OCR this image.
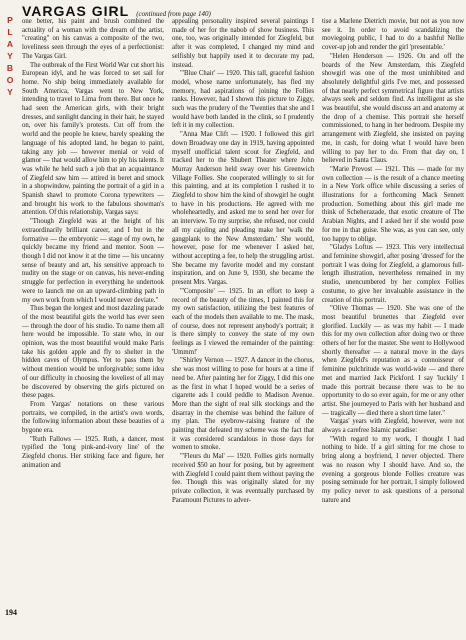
P
L
A
Y
B
O
Y
VARGAS GIRL (continued from page 140)

one better, his paint and brush combined the actuality of a woman with the dream of the artist, "creating" on his canvas a composite of the two, loveliness seen through the eyes of a perfectionist: The Vargas Girl.

The outbreak of the First World War cut short his European idyl, and he was forced to set sail for home. No ship being immediately available for South America, Vargas went to New York, intending to travel to Lima from there. But once he had seen the American girls, with their bright dresses, and sunlight dancing in their hair, he stayed on, over his family's protests. Cut off from the world and the people he knew, barely speaking the language of his adopted land, he began to paint, taking any job — however menial or void of glamor — that would allow him to ply his talents. It was while he held such a job that an acquaintance of Ziegfeld saw him — attired in beret and smock in a shopwindow, painting the portrait of a girl in a Spanish shawl to promote Corona typewriters — and brought his work to the fabulous showman's attention. Of this relationship, Vargas says:

"Though Ziegfeld was at the height of his extraordinarily brilliant career, and I but in the formative — the embryonic — stage of my own, he quickly became my friend and mentor. Soon — though I did not know it at the time — his uncanny sense of beauty and art, his sensitive approach to nudity on the stage or on canvas, his never-ending struggle for perfection in everything he undertook were to launch me on an upward-climbing path in my own work from which I would never deviate."

Thus began the longest and most dazzling parade of the most beautiful girls the world has ever seen — through the door of his studio. To name them all here would be impossible. To state who, in our opinion, was the most beautiful would make Paris take his golden apple and fly to shelter in the hidden caves of Olympus. Yet to pass them by without mention would be unforgivable; some idea of our difficulty in choosing the loveliest of all may be discovered by observing the girls pictured on these pages.

From Vargas' notations on these various portraits, we compiled, in the artist's own words, the following information about these beauties of a bygone era.

"Ruth Fallows — 1925. Ruth, a dancer, most typified the 'long pink-and-ivory line' of the Ziegfeld chorus. Her striking face and figure, her animation and

appealing personality inspired several paintings I made of her for the nabob of show business. This one, too, was originally intended for Ziegfeld, but after it was completed, I changed my mind and selfishly but happily used it to decorate my pad, instead.

"'Blue Chair' — 1920. This tall, graceful fashion model, whose name unfortunately, has fled my memory, had aspirations of joining the Follies ranks. However, had I shown this picture to Ziggy, such was the prudery of the 'Twenties that she and I would have both landed in the clink, so I prudently left it in my collection.

"Anna Mae Clift — 1920. I followed this girl down Broadway one day in 1919, having appointed myself unofficial talent scout for Ziegfeld, and tracked her to the Shubert Theater where John Murray Anderson held sway over his Greenwich Village Follies. She cooperated willingly to sit for this painting, and at its completion I rushed it to Ziegfeld to show him the kind of showgirl he ought to have in his productions. He agreed with me wholeheartedly, and asked me to send her over for an interview. To my surprise, she refused, nor could all my cajoling and pleading make her 'walk the gangplank to the New Amsterdam.' She would, however, pose for me whenever I asked her, without accepting a fee, to help the struggling artist. She became my favorite model and my constant inspiration, and on June 9, 1930, she became the present Mrs. Vargas.

"'Composite' — 1925. In an effort to keep a record of the beauty of the times, I painted this for my own satisfaction, utilizing the best features of each of the models then available to me. The mask, of course, does not represent anybody's portrait; it is there simply to convey the state of my own feelings as I viewed the remainder of the painting: 'Ummm!'

"Shirley Vernon — 1927. A dancer in the chorus, she was most willing to pose for hours at a time if need be. After painting her for Ziggy, I did this one as the first in what I hoped would be a series of cigarette ads I could peddle to Madison Avenue. More than the sight of real silk stockings and the disarray in the chemise was behind the failure of my plan. The eyebrow-raising feature of the painting that defeated my scheme was the fact that it was considered scandalous in those days for women to smoke.

"'Fleurs du Mal' — 1920. Follies girls normally received $50 an hour for posing, but by agreement with Ziegfeld I could paint them without paying the fee. Though this was originally slated for my private collection, it was eventually purchased by Paramount Pictures to adver-

tise a Marlene Dietrich movie, but not as you now see it. In order to avoid scandalizing the moviegoing public, I had to do a bashful Nellie cover-up job and render the girl 'presentable.'

"Helen Henderson — 1926. On and off the boards of the New Amsterdam, this Ziegfeld showgirl was one of the most uninhibited and absolutely delightful girls I've met, and possessed of that nearly perfect symmetrical figure that artists always seek and seldom find. As intelligent as she was beautiful, she would discuss art and anatomy at the drop of a chemise. This portrait she herself commissioned, to hang in her bedroom. Despite my arrangement with Ziegfeld, she insisted on paying me, in cash, for doing what I would have been willing to pay her to do. From that day on, I believed in Santa Claus.

"Marie Prevost — 1921. This — made for my own collection — is the result of a chance meeting in a New York office while discussing a series of illustrations for a forthcoming Mack Sennett production. Something about this girl made me think of Scheherazade, that exotic creature of The Arabian Nights, and I asked her if she would pose for me in that guise. She was, as you can see, only too happy to oblige.

"Gladys Loftus — 1923. This very intellectual and feminine showgirl, after posing 'dressed' for the portrait I was doing for Ziegfeld, a glamorous full-length illustration, nevertheless remained in my studio, unencumbered by her complex Follies costume, to give her invaluable assistance in the creation of this portrait.

"Olive Thomas — 1920. She was one of the most beautiful brunettes that Ziegfeld ever glorified. Luckily — as was my habit — I made this for my own collection after doing two or three others of her for the master. She went to Hollywood shortly thereafter — a natural move in the days when Ziegfeld's reputation as a connoisseur of feminine pulchritude was world-wide — and there met and married Jack Pickford. I say 'luckily' I made this portrait because there was to be no opportunity to do so ever again, for me or any other artist. She journeyed to Paris with her husband and — tragically — died there a short time later."

Vargas' years with Ziegfeld, however, were not always a carefree Islamic paradise:

"With regard to my work, I thought I had nothing to hide. If a girl sitting for me chose to bring along a boyfriend, I never objected. There was no reason why I should have. And so, the evening a gorgeous blonde Follies creature was posing seminude for her portrait, I simply followed my policy never to ask questions of a personal nature and

194
